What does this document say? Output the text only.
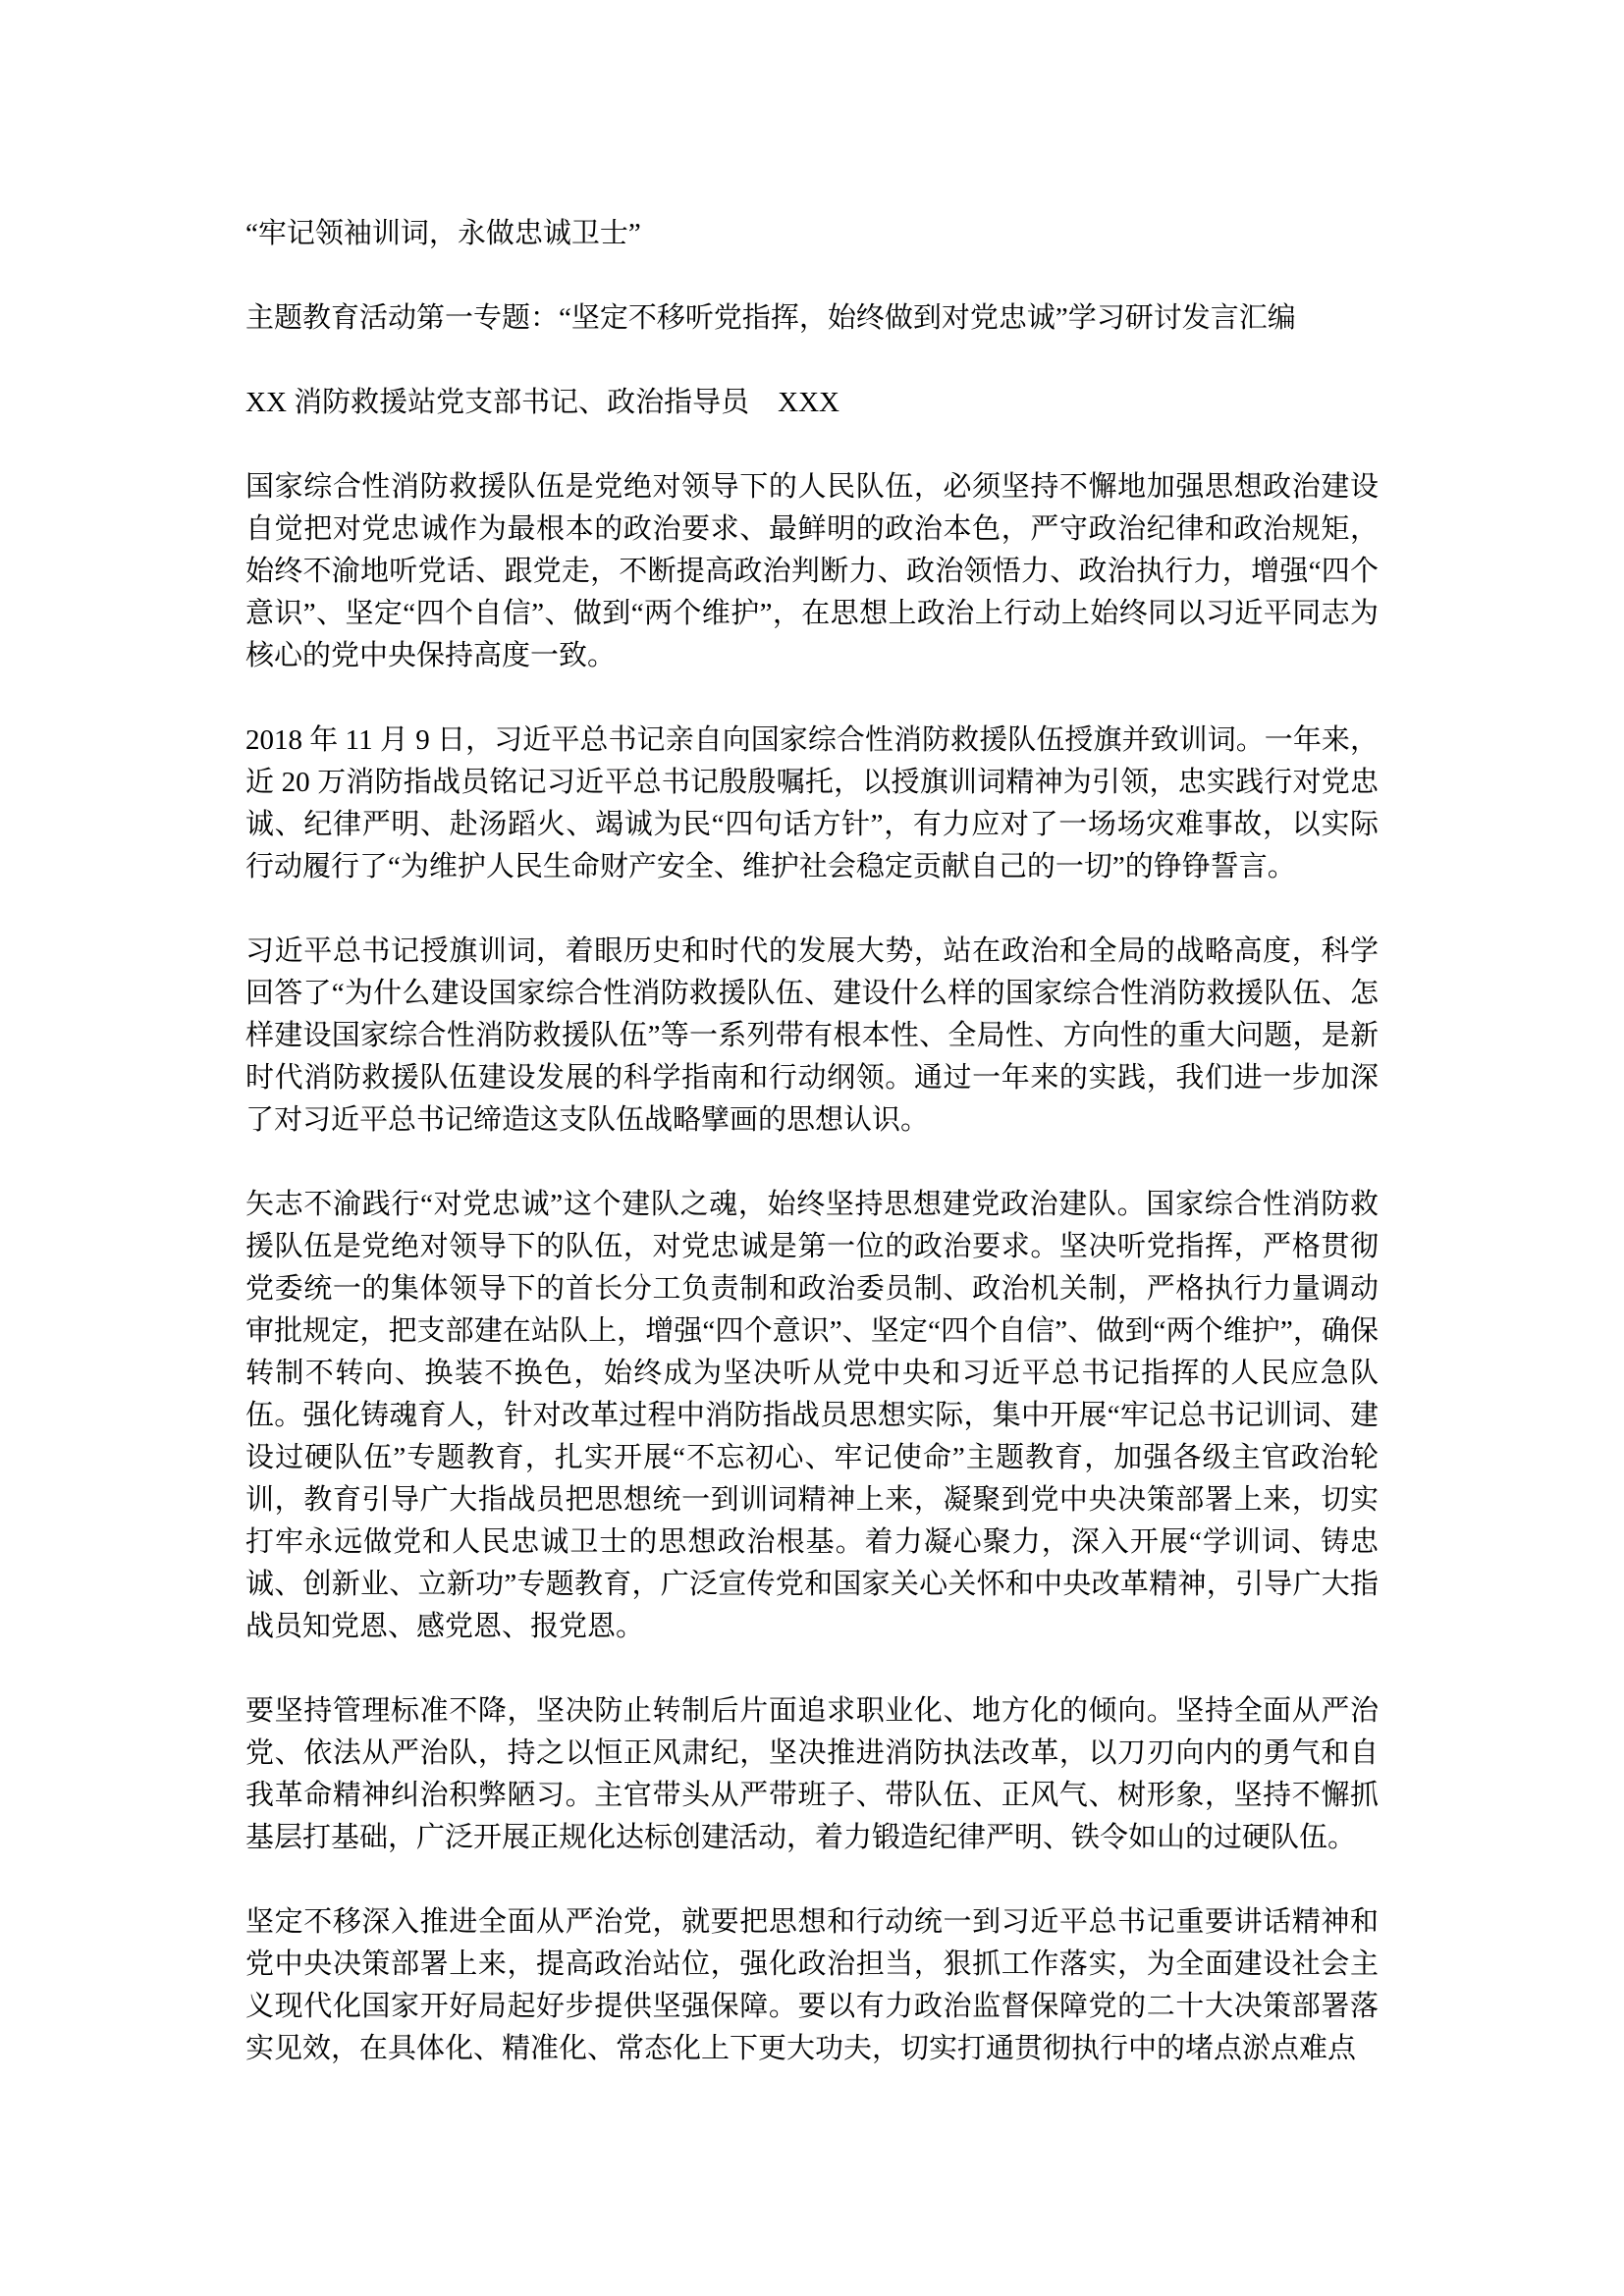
“牢记领袖训词，永做忠诚卫士”

主题教育活动第一专题：“坚定不移听党指挥，始终做到对党忠诚”学习研讨发言汇编

XX 消防救援站党支部书记、政治指导员　XXX

国家综合性消防救援队伍是党绝对领导下的人民队伍，必须坚持不懈地加强思想政治建设自觉把对党忠诚作为最根本的政治要求、最鲜明的政治本色，严守政治纪律和政治规矩，始终不渝地听党话、跟党走，不断提高政治判断力、政治领悟力、政治执行力，增强“四个意识”、坚定“四个自信”、做到“两个维护”，在思想上政治上行动上始终同以习近平同志为核心的党中央保持高度一致。

2018 年 11 月 9 日，习近平总书记亲自向国家综合性消防救援队伍授旗并致训词。一年来，近 20 万消防指战员铭记习近平总书记殷殷嘱托，以授旗训词精神为引领，忠实践行对党忠诚、纪律严明、赴汤蹈火、竭诚为民“四句话方针”，有力应对了一场场灾难事故，以实际行动履行了“为维护人民生命财产安全、维护社会稳定贡献自己的一切”的铮铮誓言。

习近平总书记授旗训词，着眼历史和时代的发展大势，站在政治和全局的战略高度，科学回答了“为什么建设国家综合性消防救援队伍、建设什么样的国家综合性消防救援队伍、怎样建设国家综合性消防救援队伍”等一系列带有根本性、全局性、方向性的重大问题，是新时代消防救援队伍建设发展的科学指南和行动纲领。通过一年来的实践，我们进一步加深了对习近平总书记缔造这支队伍战略擘画的思想认识。

矢志不渝践行“对党忠诚”这个建队之魂，始终坚持思想建党政治建队。国家综合性消防救援队伍是党绝对领导下的队伍，对党忠诚是第一位的政治要求。坚决听党指挥，严格贯彻党委统一的集体领导下的首长分工负责制和政治委员制、政治机关制，严格执行力量调动审批规定，把支部建在站队上，增强“四个意识”、坚定“四个自信”、做到“两个维护”，确保转制不转向、换装不换色，始终成为坚决听从党中央和习近平总书记指挥的人民应急队伍。强化铸魂育人，针对改革过程中消防指战员思想实际，集中开展“牢记总书记训词、建设过硬队伍”专题教育，扎实开展“不忘初心、牢记使命”主题教育，加强各级主官政治轮训，教育引导广大指战员把思想统一到训词精神上来，凝聚到党中央决策部署上来，切实打牢永远做党和人民忠诚卫士的思想政治根基。着力凝心聚力，深入开展“学训词、铸忠诚、创新业、立新功”专题教育，广泛宣传党和国家关心关怀和中央改革精神，引导广大指战员知党恩、感党恩、报党恩。

要坚持管理标准不降，坚决防止转制后片面追求职业化、地方化的倾向。坚持全面从严治党、依法从严治队，持之以恒正风肃纪，坚决推进消防执法改革，以刀刃向内的勇气和自我革命精神纠治积弊陋习。主官带头从严带班子、带队伍、正风气、树形象，坚持不懈抓基层打基础，广泛开展正规化达标创建活动，着力锻造纪律严明、铁令如山的过硬队伍。

坚定不移深入推进全面从严治党，就要把思想和行动统一到习近平总书记重要讲话精神和党中央决策部署上来，提高政治站位，强化政治担当，狠抓工作落实，为全面建设社会主义现代化国家开好局起好步提供坚强保障。要以有力政治监督保障党的二十大决策部署落实见效，在具体化、精准化、常态化上下更大功夫，切实打通贯彻执行中的堵点淤点难点
